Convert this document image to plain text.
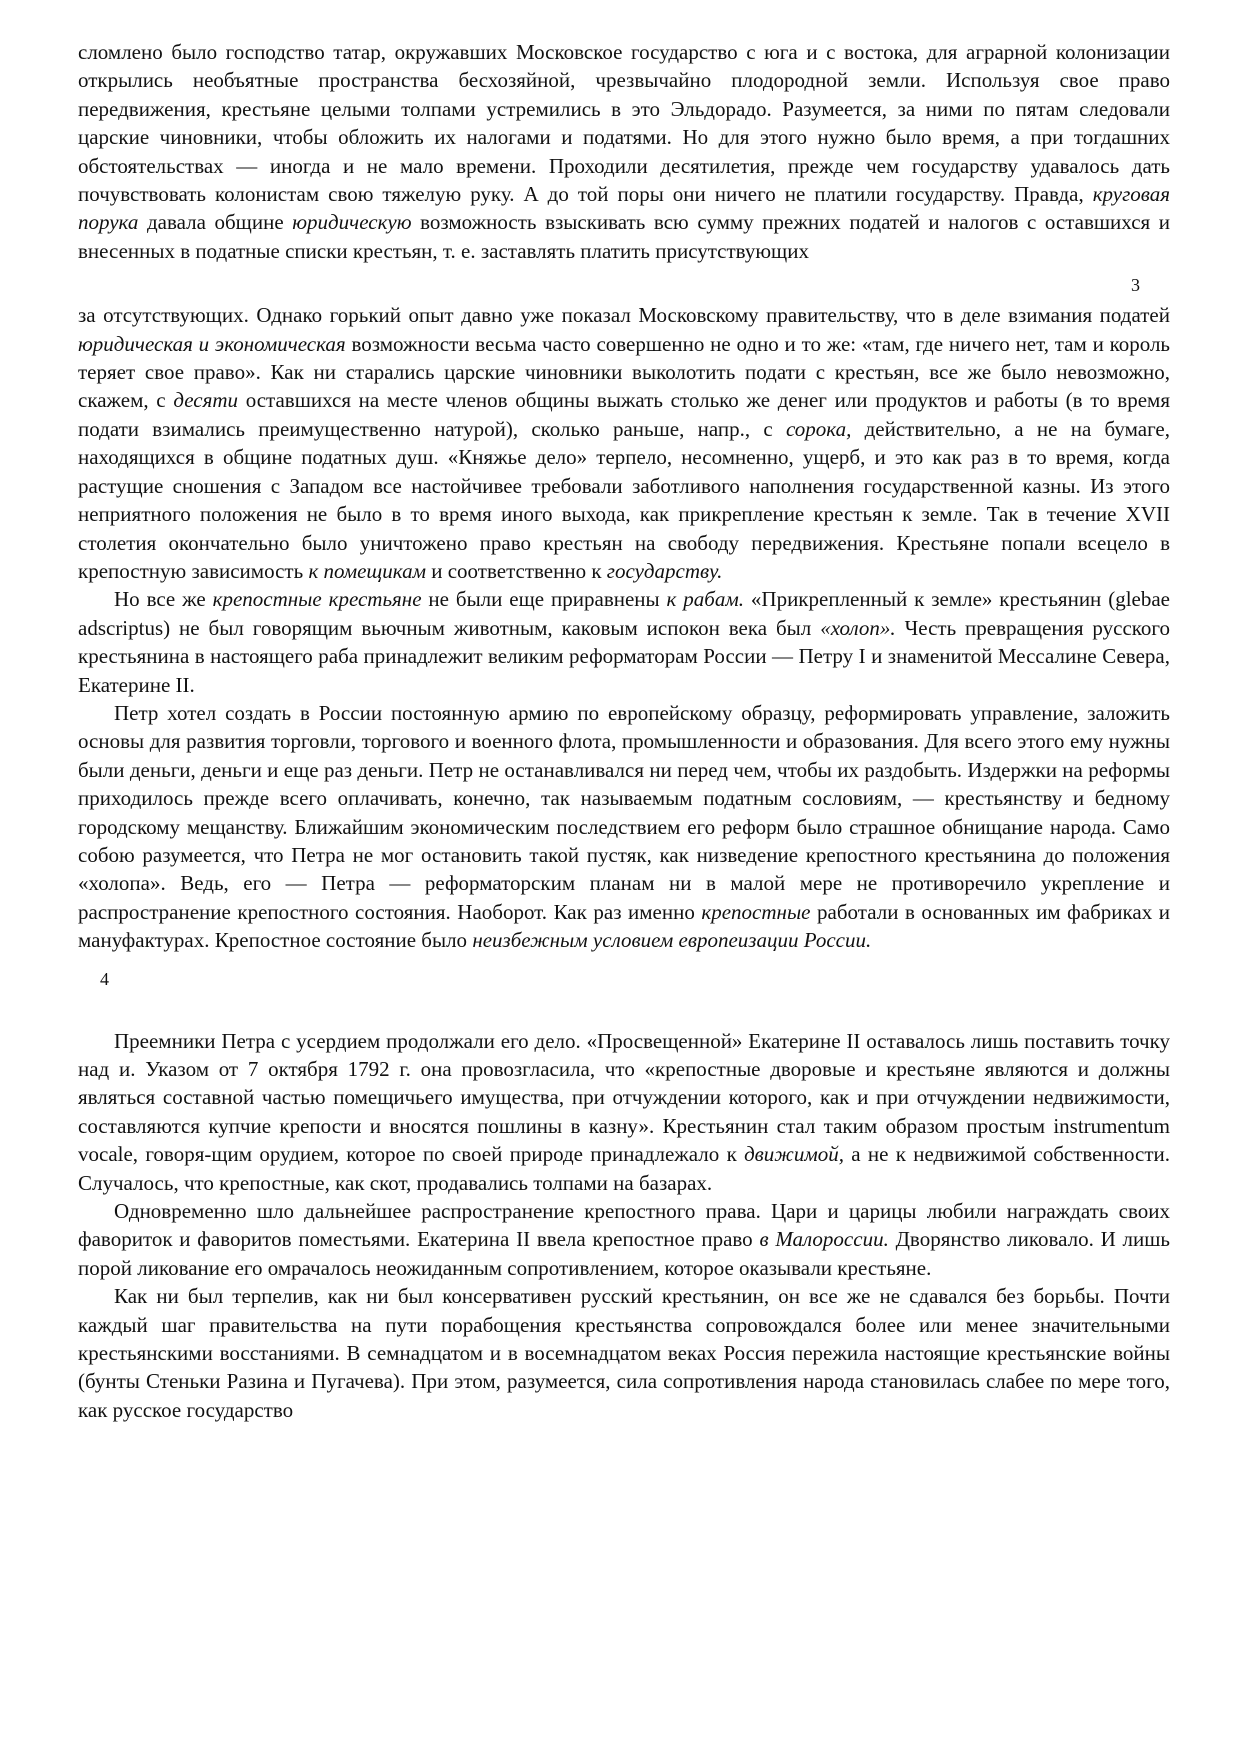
сломлено было господство татар, окружавших Московское государство с юга и с востока, для аграрной колонизации открылись необъятные пространства бесхозяйной, чрезвычайно плодородной земли. Используя свое право передвижения, крестьяне целыми толпами устремились в это Эльдорадо. Разумеется, за ними по пятам следовали царские чиновники, чтобы обложить их налогами и податями. Но для этого нужно было время, а при тогдашних обстоятельствах — иногда и не мало времени. Проходили десятилетия, прежде чем государству удавалось дать почувствовать колонистам свою тяжелую руку. А до той поры они ничего не платили государству. Правда, круговая порука давала общине юридическую возможность взыскивать всю сумму прежних податей и налогов с оставшихся и внесенных в податные списки крестьян, т. е. заставлять платить присутствующих

3

за отсутствующих. Однако горький опыт давно уже показал Московскому правительству, что в деле взимания податей юридическая и экономическая возможности весьма часто совершенно не одно и то же: «там, где ничего нет, там и король теряет свое право». Как ни старались царские чиновники выколотить подати с крестьян, все же было невозможно, скажем, с десяти оставшихся на месте членов общины выжать столько же денег или продуктов и работы (в то время подати взимались преимущественно натурой), сколько раньше, напр., с сорока, действительно, а не на бумаге, находящихся в общине податных душ. «Княжье дело» терпело, несомненно, ущерб, и это как раз в то время, когда растущие сношения с Западом все настойчивее требовали заботливого наполнения государственной казны. Из этого неприятного положения не было в то время иного выхода, как прикрепление крестьян к земле. Так в течение XVII столетия окончательно было уничтожено право крестьян на свободу передвижения. Крестьяне попали всецело в крепостную зависимость к помещикам и соответственно к государству.

Но все же крепостные крестьяне не были еще приравнены к рабам. «Прикрепленный к земле» крестьянин (glebae adscriptus) не был говорящим вьючным животным, каковым испокон века был «холоп». Честь превращения русского крестьянина в настоящего раба принадлежит великим реформаторам России — Петру I и знаменитой Мессалине Севера, Екатерине II.

Петр хотел создать в России постоянную армию по европейскому образцу, реформировать управление, заложить основы для развития торговли, торгового и военного флота, промышленности и образования. Для всего этого ему нужны были деньги, деньги и еще раз деньги. Петр не останавливался ни перед чем, чтобы их раздобыть. Издержки на реформы приходилось прежде всего оплачивать, конечно, так называемым податным сословиям, — крестьянству и бедному городскому мещанству. Ближайшим экономическим последствием его реформ было страшное обнищание народа. Само собою разумеется, что Петра не мог остановить такой пустяк, как низведение крепостного крестьянина до положения «холопа». Ведь, его — Петра — реформаторским планам ни в малой мере не противоречило укрепление и распространение крепостного состояния. Наоборот. Как раз именно крепостные работали в основанных им фабриках и мануфактурах. Крепостное состояние было неизбежным условием европеизации России.

4

Преемники Петра с усердием продолжали его дело. «Просвещенной» Екатерине II оставалось лишь поставить точку над и. Указом от 7 октября 1792 г. она провозгласила, что «крепостные дворовые и крестьяне являются и должны являться составной частью помещичьего имущества, при отчуждении которого, как и при отчуждении недвижимости, составляются купчие крепости и вносятся пошлины в казну». Крестьянин стал таким образом простым instrumentum vocale, говоря-щим орудием, которое по своей природе принадлежало к движимой, а не к недвижимой собственности. Случалось, что крепостные, как скот, продавались толпами на базарах.

Одновременно шло дальнейшее распространение крепостного права. Цари и царицы любили награждать своих фавориток и фаворитов поместьями. Екатерина II ввела крепостное право в Малороссии. Дворянство ликовало. И лишь порой ликование его омрачалось неожиданным сопротивлением, которое оказывали крестьяне.

Как ни был терпелив, как ни был консервативен русский крестьянин, он все же не сдавался без борьбы. Почти каждый шаг правительства на пути порабощения крестьянства сопровождался более или менее значительными крестьянскими восстаниями. В семнадцатом и в восемнадцатом веках Россия пережила настоящие крестьянские войны (бунты Стеньки Разина и Пугачева). При этом, разумеется, сила сопротивления народа становилась слабее по мере того, как русское государство
